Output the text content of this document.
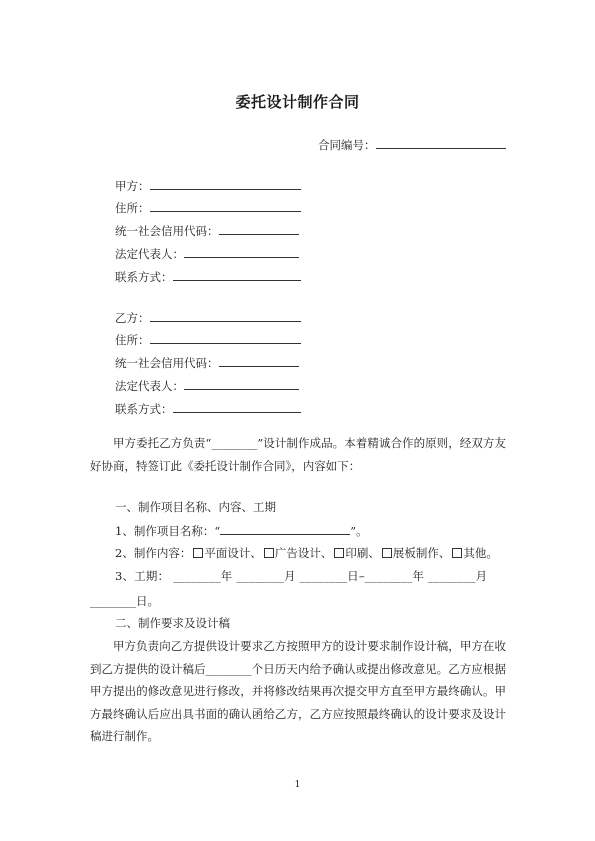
委托设计制作合同
合同编号：
甲方：
住所：
统一社会信用代码：
法定代表人：
联系方式：
乙方：
住所：
统一社会信用代码：
法定代表人：
联系方式：
甲方委托乙方负责“________”设计制作成品。本着精诚合作的原则，经双方友好协商，特签订此《委托设计制作合同》，内容如下：
一、制作项目名称、内容、工期
1、制作项目名称：“	”。
2、制作内容： 平面设计、 广告设计、 印刷、 展板制作、 其他。
3、工期： ________年 ________月 ________日–________年 ________月
________日。
二、制作要求及设计稿
甲方负责向乙方提供设计要求乙方按照甲方的设计要求制作设计稿，甲方在收到乙方提供的设计稿后________个日历天内给予确认或提出修改意见。乙方应根据甲方提出的修改意见进行修改，并将修改结果再次提交甲方直至甲方最终确认。甲方最终确认后应出具书面的确认函给乙方，乙方应按照最终确认的设计要求及设计稿进行制作。
1
